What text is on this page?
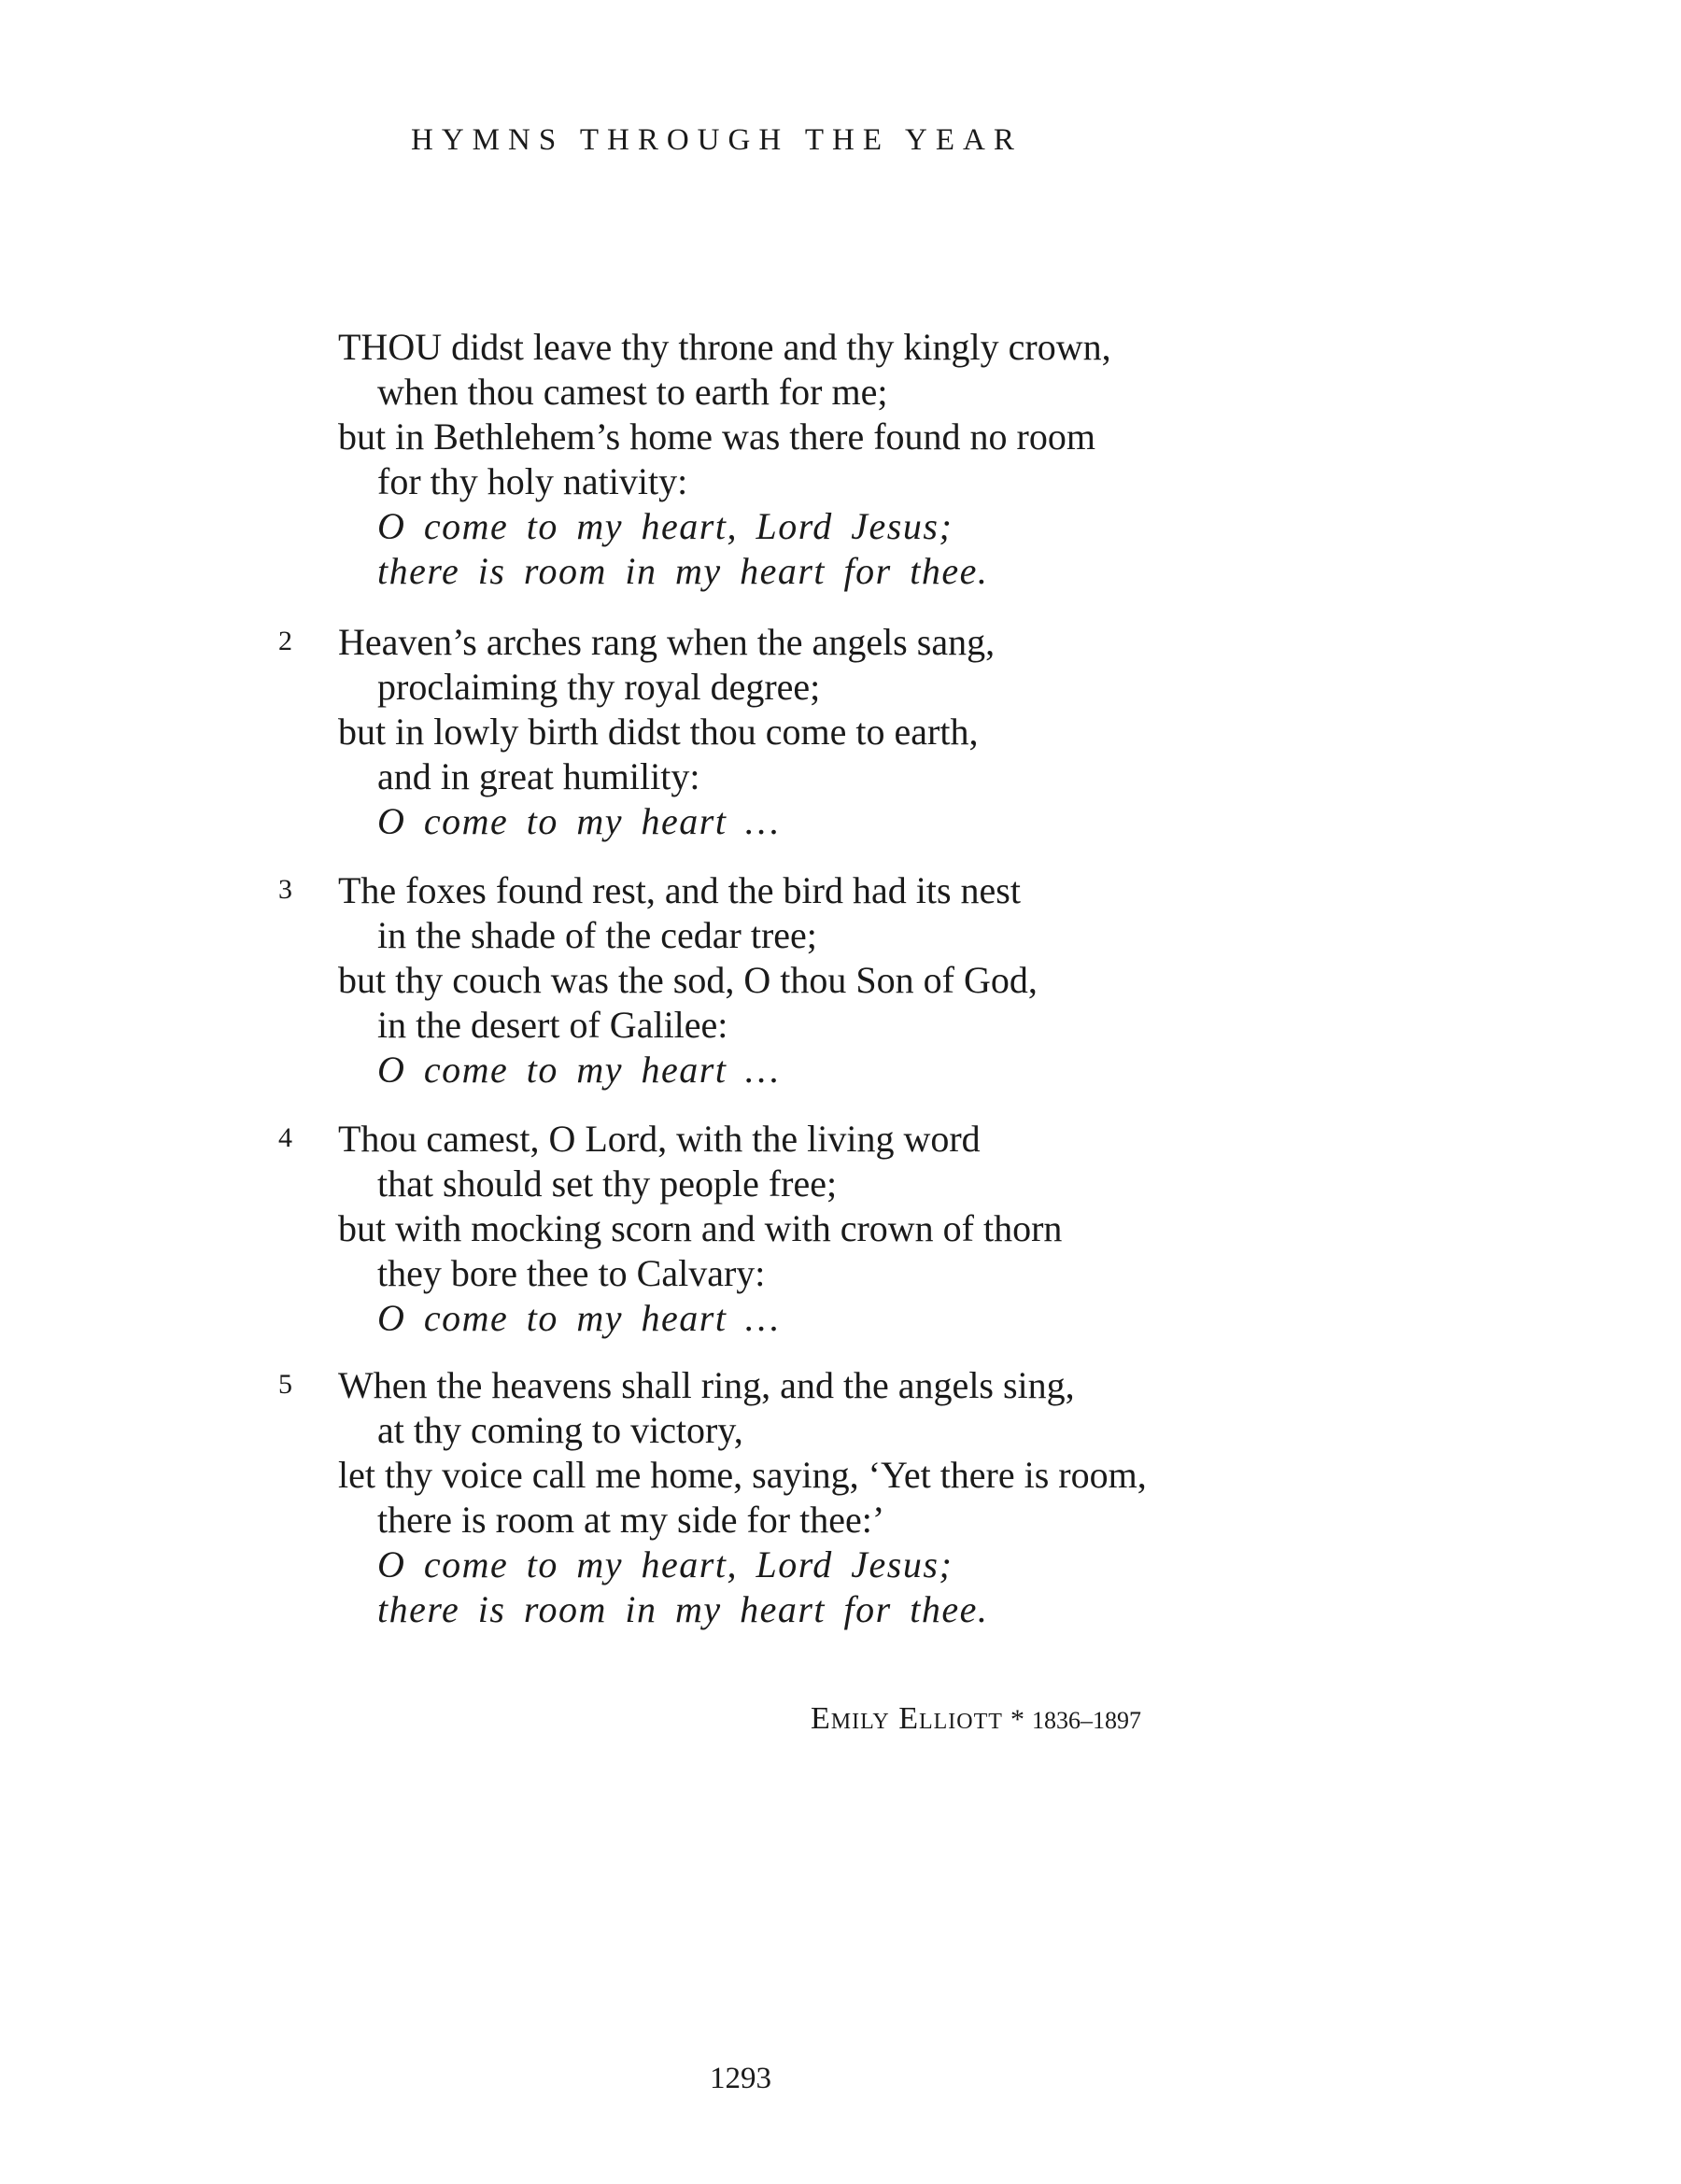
HYMNS THROUGH THE YEAR
THOU didst leave thy throne and thy kingly crown,
when thou camest to earth for me;
but in Bethlehem’s home was there found no room
for thy holy nativity:
O come to my heart, Lord Jesus;
there is room in my heart for thee.
2	Heaven’s arches rang when the angels sang,
proclaiming thy royal degree;
but in lowly birth didst thou come to earth,
and in great humility:
O come to my heart …
3	The foxes found rest, and the bird had its nest
in the shade of the cedar tree;
but thy couch was the sod, O thou Son of God,
in the desert of Galilee:
O come to my heart …
4	Thou camest, O Lord, with the living word
that should set thy people free;
but with mocking scorn and with crown of thorn
they bore thee to Calvary:
O come to my heart …
5	When the heavens shall ring, and the angels sing,
at thy coming to victory,
let thy voice call me home, saying, ‘Yet there is room,
there is room at my side for thee:’
O come to my heart, Lord Jesus;
there is room in my heart for thee.
Emily Elliott * 1836–1897
1293
